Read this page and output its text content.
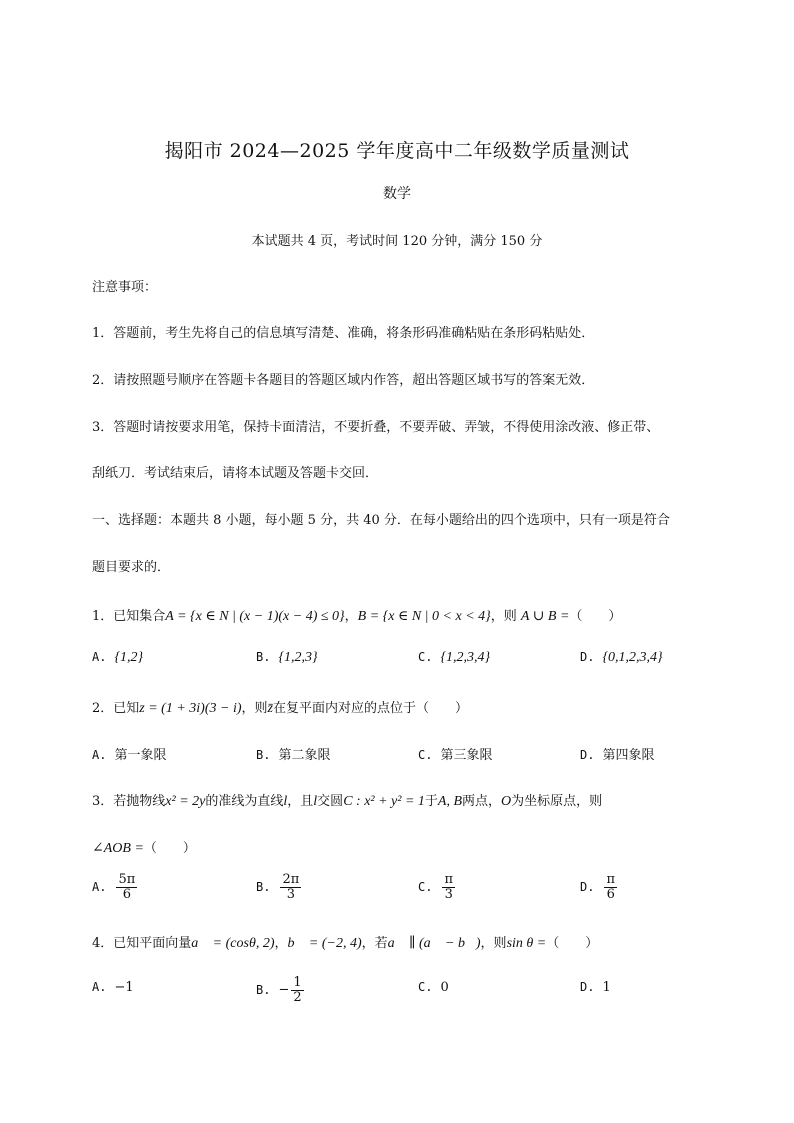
揭阳市 2024—2025 学年度高中二年级数学质量测试
数学
本试题共 4 页，考试时间 120 分钟，满分 150 分
注意事项：
1．答题前，考生先将自己的信息填写清楚、准确，将条形码准确粘贴在条形码粘贴处．
2．请按照题号顺序在答题卡各题目的答题区域内作答，超出答题区域书写的答案无效．
3．答题时请按要求用笔，保持卡面清洁，不要折叠，不要弄破、弄皱，不得使用涂改液、修正带、
刮纸刀．考试结束后，请将本试题及答题卡交回．
一、选择题：本题共 8 小题，每小题 5 分，共 40 分．在每小题给出的四个选项中，只有一项是符合
题目要求的．
1．已知集合A = {x ∈ N | (x − 1)(x − 4) ≤ 0}，B = {x ∈ N | 0 < x < 4}，则 A ∪ B =（　　）
A. {1,2}	B. {1,2,3}	C. {1,2,3,4}	D. {0,1,2,3,4}
2．已知z = (1 + 3i)(3 − i)，则z̄在复平面内对应的点位于（　　）
A. 第一象限	B. 第二象限	C. 第三象限	D. 第四象限
3．若抛物线x² = 2y的准线为直线l，且l交圆C : x² + y² = 1于A, B两点，O为坐标原点，则
∠AOB =（　　）
A. $\frac{5\pi}{6}$	B. $\frac{2\pi}{3}$	C. $\frac{\pi}{3}$	D. $\frac{\pi}{6}$
4．已知平面向量a⃗ = (cosθ, 2)，b⃗ = (−2, 4)，若a⃗ ∥ (a⃗ − b⃗)，则sin θ =（　　）
A. −1	B. − $\frac{1}{2}$	C. 0	D. 1
